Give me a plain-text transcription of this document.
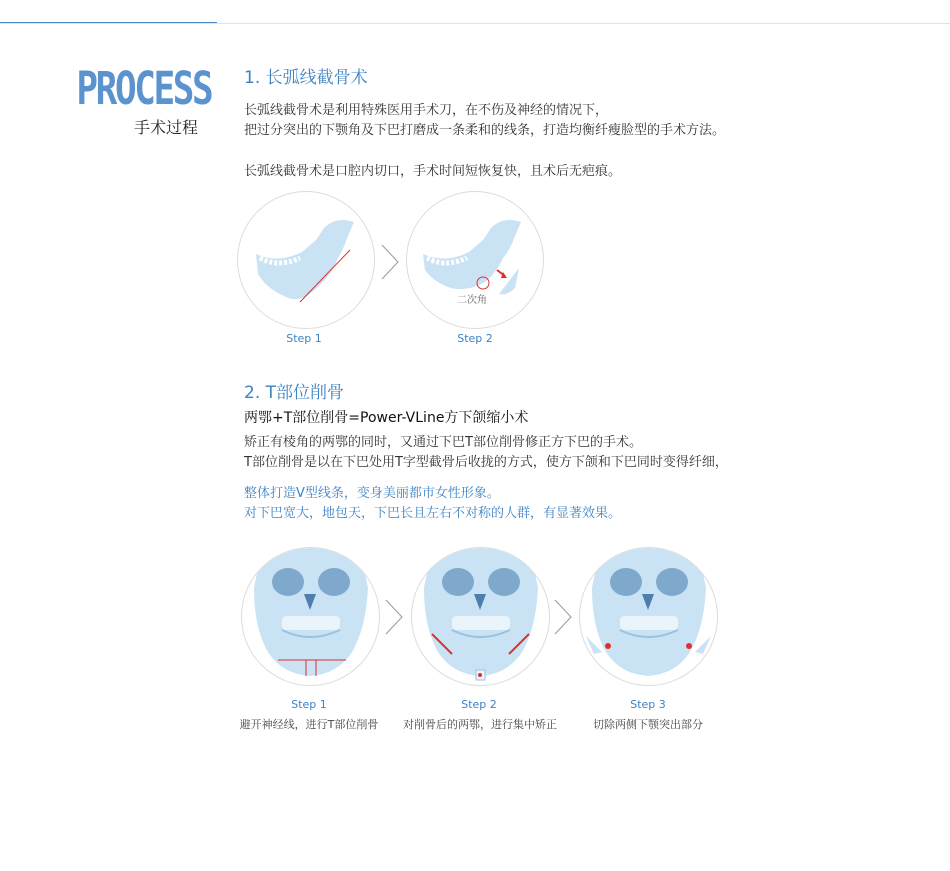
PROCESS
手术过程
1. 长弧线截骨术

长弧线截骨术是利用特殊医用手术刀，在不伤及神经的情况下，

把过分突出的下颚角及下巴打磨成一条柔和的线条，打造均衡纤瘦脸型的手术方法。

长弧线截骨术是口腔内切口，手术时间短恢复快，且术后无疤痕。

二次角
Step 1	Step 2
2. T部位削骨

两鄂+T部位削骨=Power-VLine方下颌缩小术

矫正有棱角的两鄂的同时，又通过下巴T部位削骨修正方下巴的手术。

T部位削骨是以在下巴处用T字型截骨后收拢的方式，使方下颌和下巴同时变得纤细，

整体打造V型线条，变身美丽都市女性形象。

对下巴宽大，地包天，下巴长且左右不对称的人群，有显著效果。

Step 1	Step 2	Step 3
避开神经线，进行T部位削骨	对削骨后的两鄂，进行集中矫正	切除两侧下颚突出部分
